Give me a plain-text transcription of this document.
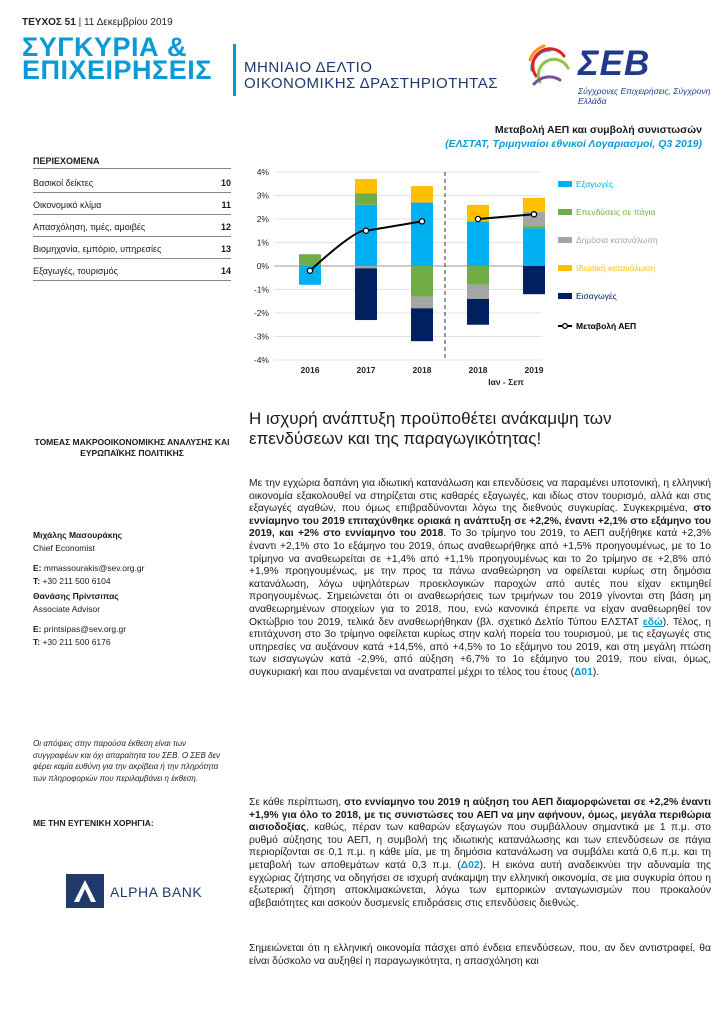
ΤΕΥΧΟΣ 51 | 11 Δεκεμβρίου 2019
ΣΥΓΚΥΡΙΑ &
ΕΠΙΧΕΙΡΗΣΕΙΣ ΜΗΝΙΑΙΟ ΔΕΛΤΙΟ
ΟΙΚΟΝΟΜΙΚΗΣ ΔΡΑΣΤΗΡΙΟΤΗΤΑΣ
ΣΕΒ
Σύγχρονες Επιχειρήσεις, Σύγχρονη Ελλάδα
Μεταβολή ΑΕΠ και συμβολή συνιστωσών
(ΕΛΣΤΑΤ, Τριμηνιαίοι εθνικοί Λογαριασμοί, Q3 2019)
ΠΕΡΙΕΧΟΜΕΝΑ
Βασικοί δείκτες	10
Οικονομικό κλίμα	11
Απασχόληση, τιμές, αμοιβές	12
Βιομηχανία, εμπόριο, υπηρεσίες	13
Εξαγωγές, τουρισμός	14
4%
3%
2%
1%
0%
-1%
-2%
-3%
-4%
2016	2017	2018	2018	2019
Ιαν - Σεπ
Εξαγωγές
Επενδύσεις σε πάγια
Δημόσια κατανάλωση
Ιδιωτική κατανάλωση
Εισαγωγές
Μεταβολή ΑΕΠ
ΤΟΜΕΑΣ ΜΑΚΡΟΟΙΚΟΝΟΜΙΚΗΣ ΑΝΑΛΥΣΗΣ ΚΑΙ ΕΥΡΩΠΑΪΚΗΣ ΠΟΛΙΤΙΚΗΣ
Μιχάλης Μασουράκης
Chief Economist
E: mmassourakis@sev.org.gr
T: +30 211 500 6104
Θανάσης Πρίντσιπας
Associate Advisor
E: printsipas@sev.org.gr
T: +30 211 500 6176
Οι απόψεις στην παρούσα έκθεση είναι των συγγραφέων και όχι απαραίτητα του ΣΕΒ. Ο ΣΕΒ δεν φέρει καμία ευθύνη για την ακρίβεια ή την πληρότητα των πληροφοριών που περιλαμβάνει η έκθεση.
ΜΕ ΤΗΝ ΕΥΓΕΝΙΚΗ ΧΟΡΗΓΙΑ:
ALPHA BANK
Η ισχυρή ανάπτυξη προϋποθέτει ανάκαμψη των επενδύσεων και της παραγωγικότητας!
Με την εγχώρια δαπάνη για ιδιωτική κατανάλωση και επενδύσεις να παραμένει υποτονική, η ελληνική οικονομία εξακολουθεί να στηρίζεται στις καθαρές εξαγωγές, και ιδίως στον τουρισμό, αλλά και στις εξαγωγές αγαθών, που όμως επιβραδύνονται λόγω της διεθνούς συγκυρίας. Συγκεκριμένα, στο εννίαμηνο του 2019 επιταχύνθηκε οριακά η ανάπτυξη σε +2,2%, έναντι +2,1% στο εξάμηνο του 2019, και +2% στο εννίαμηνο του 2018. Το 3ο τρίμηνο του 2019, το ΑΕΠ αυξήθηκε κατά +2,3% έναντι +2,1% στο 1ο εξάμηνο του 2019, όπως αναθεωρήθηκε από +1,5% προηγουμένως, με το 1ο τρίμηνο να αναθεωρείται σε +1,4% από +1,1% προηγουμένως και το 2ο τρίμηνο σε +2,8% από +1,9% προηγουμένως, με την προς τα πάνω αναθεώρηση να οφείλεται κυρίως στη δημόσια κατανάλωση, λόγω υψηλότερων προεκλογικών παροχών από αυτές που είχαν εκτιμηθεί προηγουμένως. Σημειώνεται ότι οι αναθεωρήσεις των τριμήνων του 2019 γίνονται στη βάση μη αναθεωρημένων στοιχείων για το 2018, που, ενώ κανονικά έπρεπε να είχαν αναθεωρηθεί τον Οκτώβριο του 2019, τελικά δεν αναθεωρήθηκαν (βλ. σχετικό Δελτίο Τύπου ΕΛΣΤΑΤ εδώ). Τέλος, η επιτάχυνση στο 3ο τρίμηνο οφείλεται κυρίως στην καλή πορεία του τουρισμού, με τις εξαγωγές στις υπηρεσίες να αυξάνουν κατά +14,5%, από +4,5% το 1ο εξάμηνο του 2019, και στη μεγάλη πτώση των εισαγωγών κατά -2,9%, από αύξηση +6,7% το 1ο εξάμηνο του 2019, που είναι, όμως, συγκυριακή και που αναμένεται να ανατραπεί μέχρι το τέλος του έτους (Δ01).
Σε κάθε περίπτωση, στο εννίαμηνο του 2019 η αύξηση του ΑΕΠ διαμορφώνεται σε +2,2% έναντι +1,9% για όλο το 2018, με τις συνιστώσες του ΑΕΠ να μην αφήνουν, όμως, μεγάλα περιθώρια αισιοδοξίας, καθώς, πέραν των καθαρών εξαγωγών που συμβάλλουν σημαντικά με 1 π.μ. στο ρυθμό αύξησης του ΑΕΠ, η συμβολή της ιδιωτικής κατανάλωσης και των επενδύσεων σε πάγια περιορίζονται σε 0,1 π.μ. η κάθε μία, με τη δημόσια κατανάλωση να συμβάλει κατά 0,6 π.μ. και τη μεταβολή των αποθεμάτων κατά 0,3 π.μ. (Δ02). Η εικόνα αυτή αναδεικνύει την αδυναμία της εγχώριας ζήτησης να οδηγήσει σε ισχυρή ανάκαμψη την ελληνική οικονομία, σε μια συγκυρία όπου η εξωτερική ζήτηση αποκλιμακώνεται, λόγω των εμπορικών ανταγωνισμών που προκαλούν αβεβαιότητες και ασκούν δυσμενείς επιδράσεις στις επενδύσεις διεθνώς.
Σημειώνεται ότι η ελληνική οικονομία πάσχει από ένδεια επενδύσεων, που, αν δεν αντιστραφεί, θα είναι δύσκολο να αυξηθεί η παραγωγικότητα, η απασχόληση και
